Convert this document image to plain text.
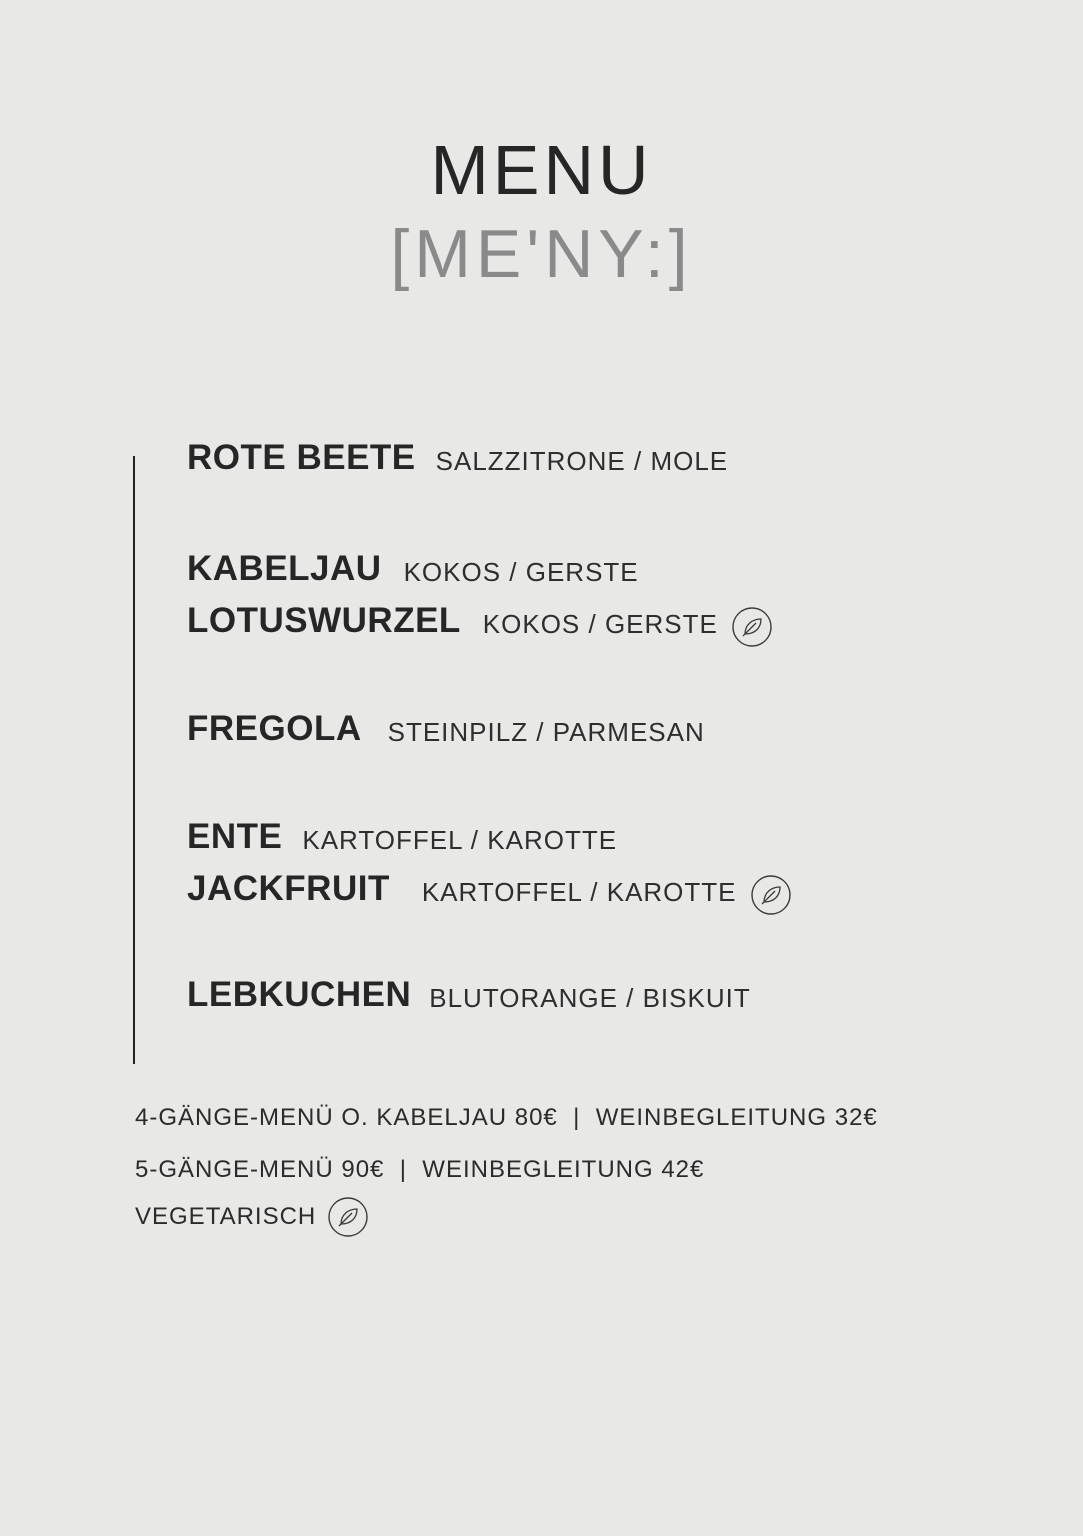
MENU
[ME'NY:]
ROTE BEETE SALZZITRONE / MOLE
KABELJAU KOKOS / GERSTE
LOTUSWURZEL KOKOS / GERSTE
FREGOLA STEINPILZ / PARMESAN
ENTE KARTOFFEL / KAROTTE
JACKFRUIT KARTOFFEL / KAROTTE
LEBKUCHEN BLUTORANGE / BISKUIT
4-GÄNGE-MENÜ O. KABELJAU 80€  |  WEINBEGLEITUNG 32€
5-GÄNGE-MENÜ 90€  |  WEINBEGLEITUNG 42€
VEGETARISCH
